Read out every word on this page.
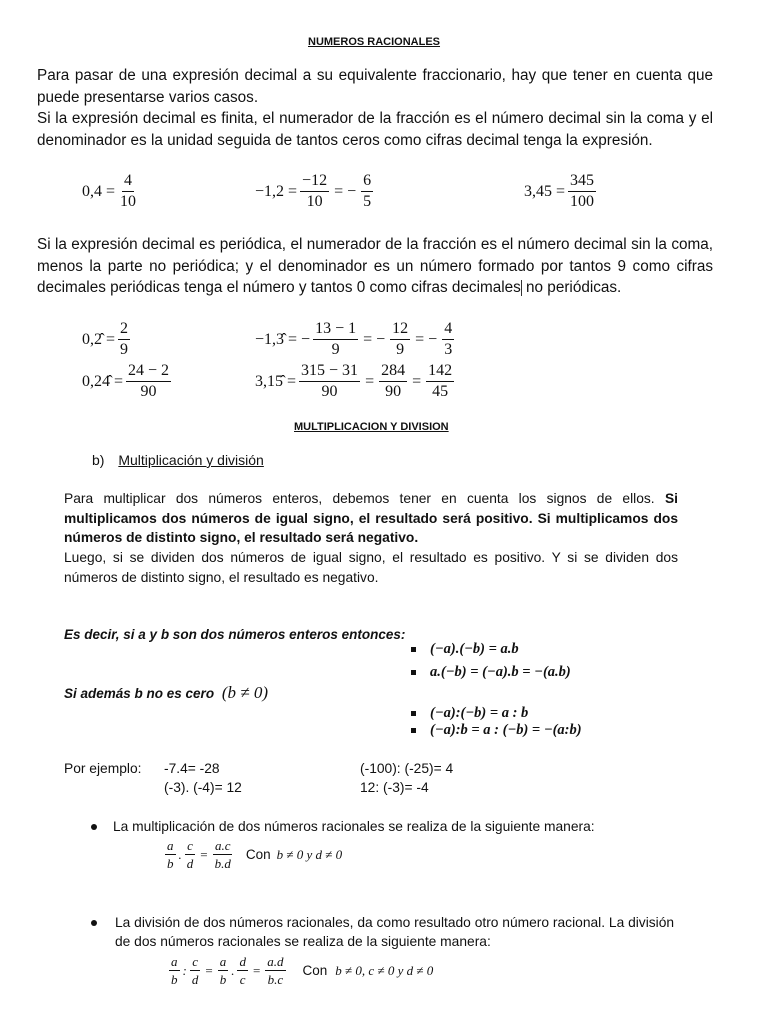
NUMEROS RACIONALES

Para pasar de una expresión decimal a su equivalente fraccionario, hay que tener en cuenta que puede presentarse varios casos.

Si la expresión decimal es finita, el numerador de la fracción es el número decimal sin la coma y el denominador es la unidad seguida de tantos ceros como cifras decimal tenga la expresión.

$0,4 = \frac{4}{10}$	$-1,2 = \frac{-12}{10}$ = − $\frac{6}{5}$	$3,45 = \frac{345}{100}$

Si la expresión decimal es periódica, el numerador de la fracción es el número decimal sin la coma, menos la parte no periódica; y el denominador es un número formado por tantos 9 como cifras decimales periódicas tenga el número y tantos 0 como cifras decimales no periódicas.

0,2̂ = $\frac{2}{9}$	−1,3̂ = − $\frac{13 - 1}{9}$ = − $\frac{12}{9}$ = − $\frac{4}{3}$
0,24̂ = $\frac{24 - 2}{90}$	3,15̂ = $\frac{315 - 31}{90} = \frac{284}{90} = \frac{142}{45}$
MULTIPLICACION Y DIVISION
b) Multiplicación y división

Para multiplicar dos números enteros, debemos tener en cuenta los signos de ellos. Si multiplicamos dos números de igual signo, el resultado será positivo. Si multiplicamos dos números de distinto signo, el resultado será negativo.

Luego, si se dividen dos números de igual signo, el resultado es positivo. Y si se dividen dos números de distinto signo, el resultado es negativo.

Es decir, si a y b son dos números enteros entonces:
(−a).(−b) = a.b
a.(−b) = (−a).b = −(a.b)
Si además b no es cero (b ≠ 0)
(−a):(−b) = a : b
(−a):b = a : (−b) = −(a:b)
Por ejemplo: -7.4= -28	(-100): (-25)= 4
(-3). (-4)= 12	12: (-3)= -4
La multiplicación de dos números racionales se realiza de la siguiente manera:
$\frac{a}{b}$ . $\frac{c}{d} = \frac{a.c}{b.d}$ Con b ≠ 0 y d ≠ 0
La división de dos números racionales, da como resultado otro número racional. La división de dos números racionales se realiza de la siguiente manera:
$\frac{a}{b}$ : $\frac{c}{d} = \frac{a}{b}$ . $\frac{d}{c} = \frac{a.d}{b.c}$ Con b ≠ 0, c ≠ 0 y d ≠ 0
